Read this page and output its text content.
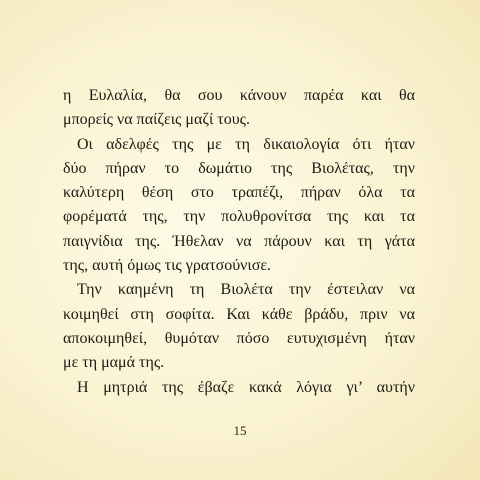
η Ευλαλία, θα σου κάνουν παρέα και θα
μπορείς να παίζεις μαζί τους.
Οι αδελφές της με τη δικαιολογία ότι ήταν
δύο πήραν το δωμάτιο της Βιολέτας, την
καλύτερη θέση στο τραπέζι, πήραν όλα τα
φορέματά της, την πολυθρονίτσα της και τα
παιγνίδια της. Ήθελαν να πάρουν και τη γάτα
της, αυτή όμως τις γρατσούνισε.
Την καημένη τη Βιολέτα την έστειλαν να
κοιμηθεί στη σοφίτα. Και κάθε βράδυ, πριν να
αποκοιμηθεί, θυμόταν πόσο ευτυχισμένη ήταν
με τη μαμά της.
Η μητριά της έβαζε κακά λόγια γι’ αυτήν
15
